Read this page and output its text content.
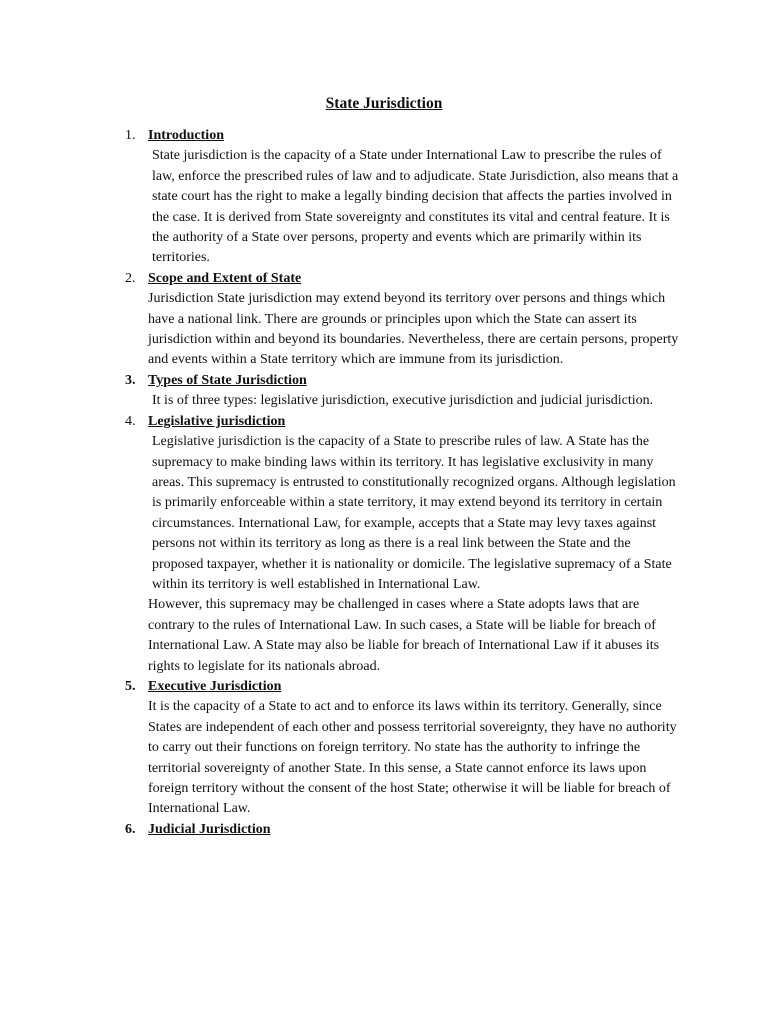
State Jurisdiction
1. Introduction

State jurisdiction is the capacity of a State under International Law to prescribe the rules of law, enforce the prescribed rules of law and to adjudicate. State Jurisdiction, also means that a state court has the right to make a legally binding decision that affects the parties involved in the case. It is derived from State sovereignty and constitutes its vital and central feature. It is the authority of a State over persons, property and events which are primarily within its territories.

2. Scope and Extent of State

Jurisdiction State jurisdiction may extend beyond its territory over persons and things which have a national link. There are grounds or principles upon which the State can assert its jurisdiction within and beyond its boundaries. Nevertheless, there are certain persons, property and events within a State territory which are immune from its jurisdiction.

3. Types of State Jurisdiction

It is of three types: legislative jurisdiction, executive jurisdiction and judicial jurisdiction.

4. Legislative jurisdiction

Legislative jurisdiction is the capacity of a State to prescribe rules of law. A State has the supremacy to make binding laws within its territory. It has legislative exclusivity in many areas. This supremacy is entrusted to constitutionally recognized organs. Although legislation is primarily enforceable within a state territory, it may extend beyond its territory in certain circumstances. International Law, for example, accepts that a State may levy taxes against persons not within its territory as long as there is a real link between the State and the proposed taxpayer, whether it is nationality or domicile. The legislative supremacy of a State within its territory is well established in International Law.

However, this supremacy may be challenged in cases where a State adopts laws that are contrary to the rules of International Law. In such cases, a State will be liable for breach of International Law. A State may also be liable for breach of International Law if it abuses its rights to legislate for its nationals abroad.

5. Executive Jurisdiction

It is the capacity of a State to act and to enforce its laws within its territory. Generally, since States are independent of each other and possess territorial sovereignty, they have no authority to carry out their functions on foreign territory. No state has the authority to infringe the territorial sovereignty of another State. In this sense, a State cannot enforce its laws upon foreign territory without the consent of the host State; otherwise it will be liable for breach of International Law.

6. Judicial Jurisdiction
